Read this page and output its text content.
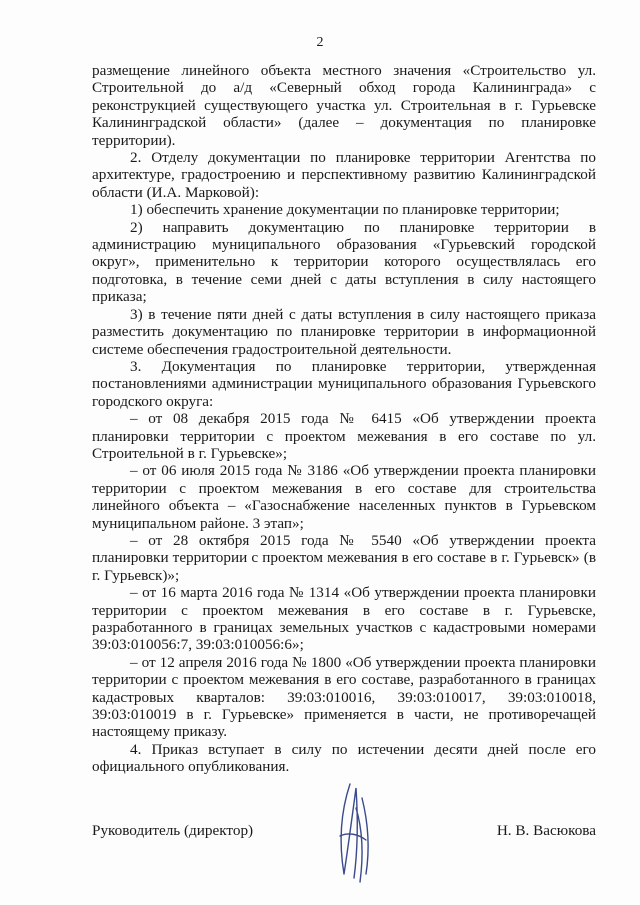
2

размещение линейного объекта местного значения «Строительство ул. Строительной до а/д «Северный обход города Калининграда» с реконструкцией существующего участка ул. Строительная в г. Гурьевске Калининградской области» (далее – документация по планировке территории).

2. Отделу документации по планировке территории Агентства по архитектуре, градостроению и перспективному развитию Калининградской области (И.А. Марковой):

1) обеспечить хранение документации по планировке территории;

2) направить документацию по планировке территории в администрацию муниципального образования «Гурьевский городской округ», применительно к территории которого осуществлялась его подготовка, в течение семи дней с даты вступления в силу настоящего приказа;

3) в течение пяти дней с даты вступления в силу настоящего приказа разместить документацию по планировке территории в информационной системе обеспечения градостроительной деятельности.

3. Документация по планировке территории, утвержденная постановлениями администрации муниципального образования Гурьевского городского округа:

– от 08 декабря 2015 года № 6415 «Об утверждении проекта планировки территории с проектом межевания в его составе по ул. Строительной в г. Гурьевске»;

– от 06 июля 2015 года № 3186 «Об утверждении проекта планировки территории с проектом межевания в его составе для строительства линейного объекта – «Газоснабжение населенных пунктов в Гурьевском муниципальном районе. 3 этап»;

– от 28 октября 2015 года № 5540 «Об утверждении проекта планировки территории с проектом межевания в его составе в г. Гурьевск» (в г. Гурьевск)»;

– от 16 марта 2016 года № 1314 «Об утверждении проекта планировки территории с проектом межевания в его составе в г. Гурьевске, разработанного в границах земельных участков с кадастровыми номерами 39:03:010056:7, 39:03:010056:6»;

– от 12 апреля 2016 года № 1800 «Об утверждении проекта планировки территории с проектом межевания в его составе, разработанного в границах кадастровых кварталов: 39:03:010016, 39:03:010017, 39:03:010018, 39:03:010019 в г. Гурьевске» применяется в части, не противоречащей настоящему приказу.

4. Приказ вступает в силу по истечении десяти дней после его официального опубликования.

Руководитель (директор)	Н. В. Васюкова
